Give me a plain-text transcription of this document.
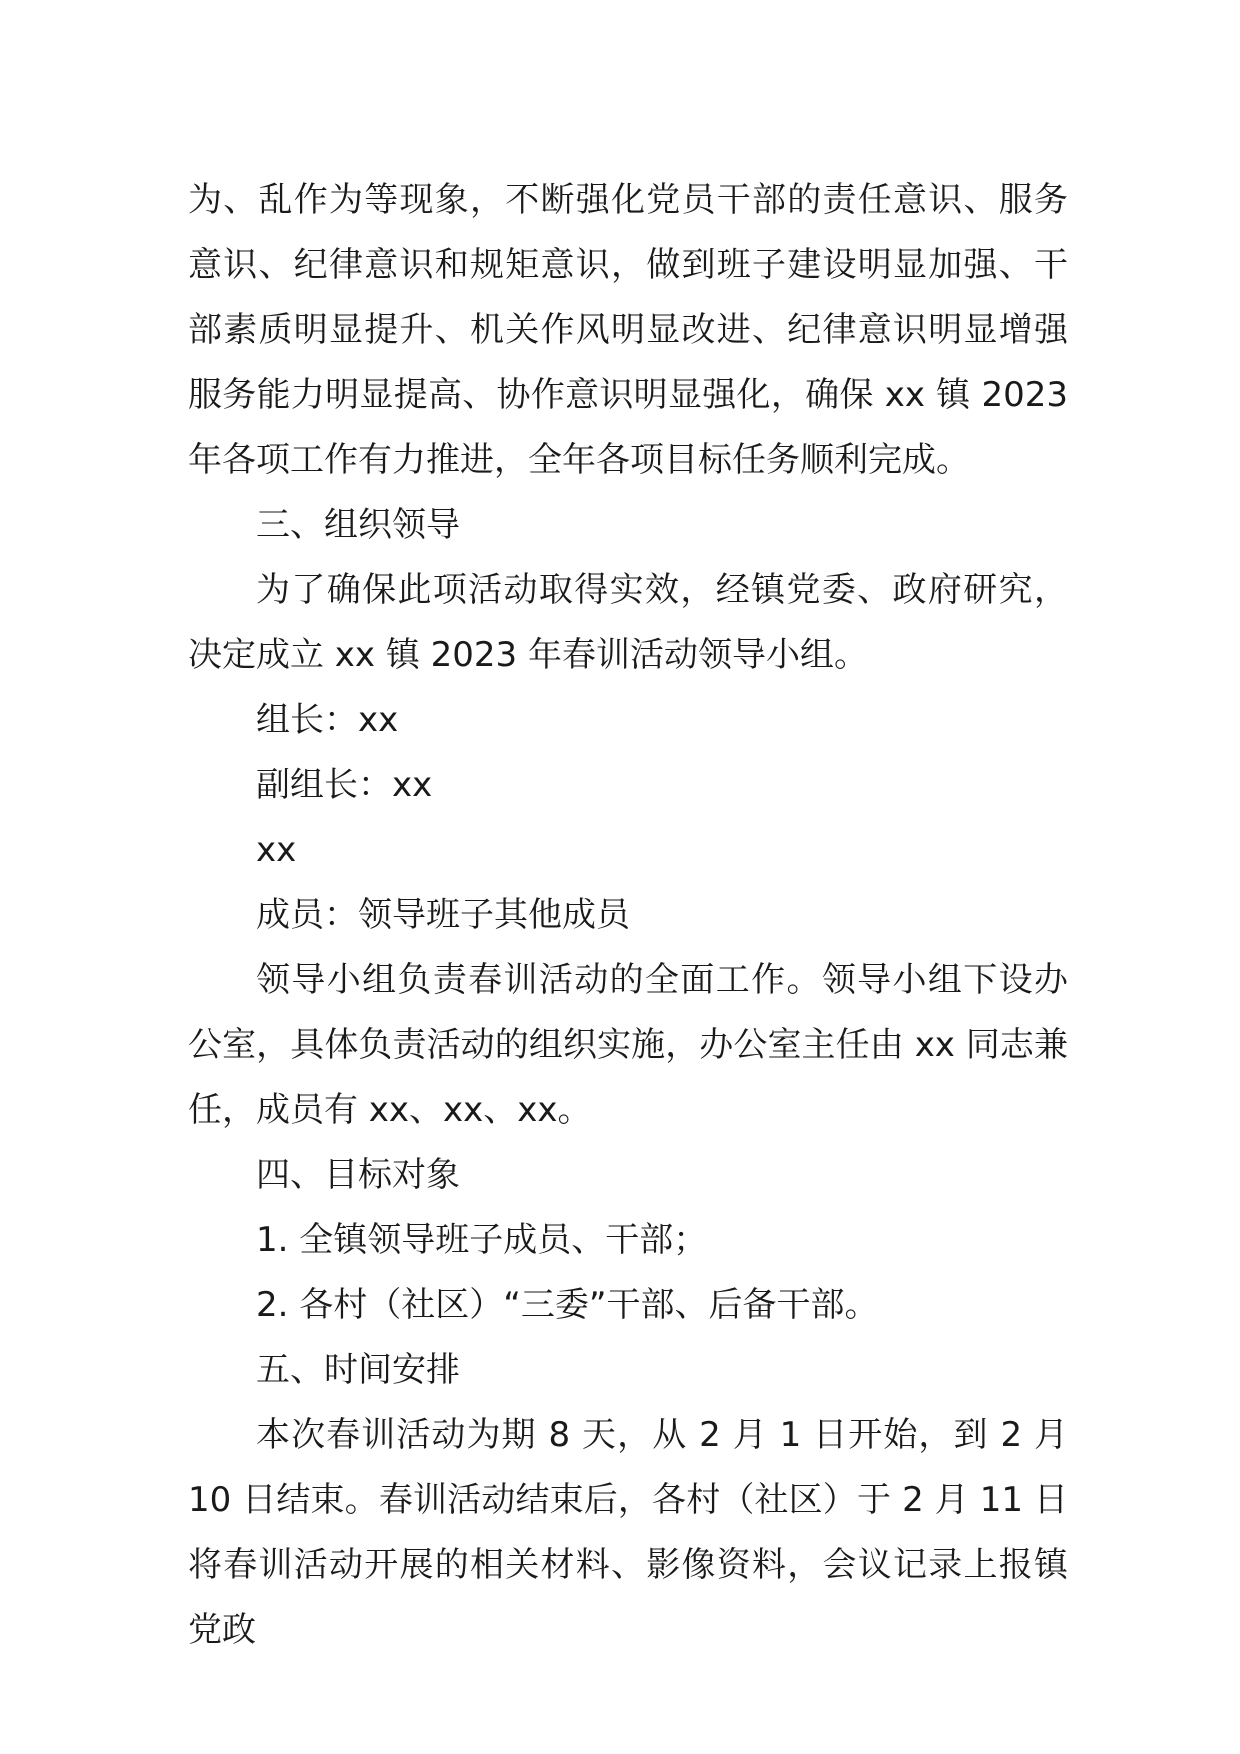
为、乱作为等现象，不断强化党员干部的责任意识、服务意识、纪律意识和规矩意识，做到班子建设明显加强、干部素质明显提升、机关作风明显改进、纪律意识明显增强服务能力明显提高、协作意识明显强化，确保 xx 镇 2023 年各项工作有力推进，全年各项目标任务顺利完成。

三、组织领导

为了确保此项活动取得实效，经镇党委、政府研究，决定成立 xx 镇 2023 年春训活动领导小组。

组长：xx

副组长：xx

xx

成员：领导班子其他成员

领导小组负责春训活动的全面工作。领导小组下设办公室，具体负责活动的组织实施，办公室主任由 xx 同志兼任，成员有 xx、xx、xx。

四、目标对象

1. 全镇领导班子成员、干部；

2. 各村（社区）“三委”干部、后备干部。

五、时间安排

本次春训活动为期 8 天，从 2 月 1 日开始，到 2 月 10 日结束。春训活动结束后，各村（社区）于 2 月 11 日将春训活动开展的相关材料、影像资料，会议记录上报镇党政
